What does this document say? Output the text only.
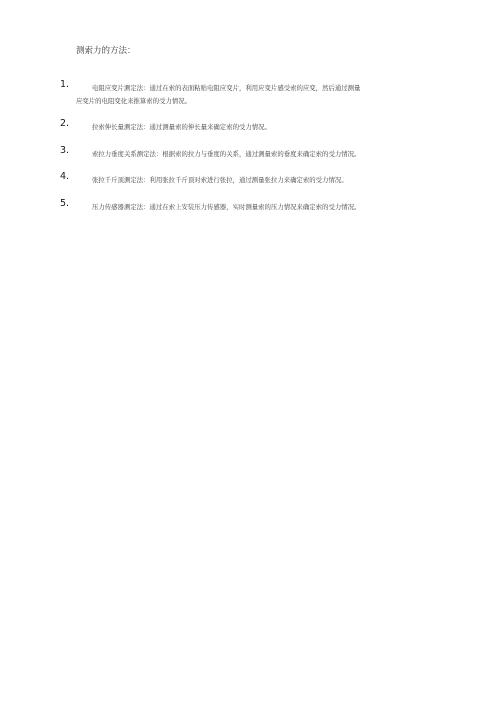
测索力的方法：
1.	电阻应变片测定法：通过在索的表面粘贴电阻应变片，利用应变片感受索的应变，然后通过测量
应变片的电阻变化来推算索的受力情况。
2.	拉索伸长量测定法：通过测量索的伸长量来确定索的受力情况。
3.	索拉力垂度关系测定法：根据索的拉力与垂度的关系，通过测量索的垂度来确定索的受力情况。
4.	张拉千斤顶测定法：利用张拉千斤顶对索进行张拉，通过测量张拉力来确定索的受力情况。
5.	压力传感器测定法：通过在索上安装压力传感器，实时测量索的压力情况来确定索的受力情况。
